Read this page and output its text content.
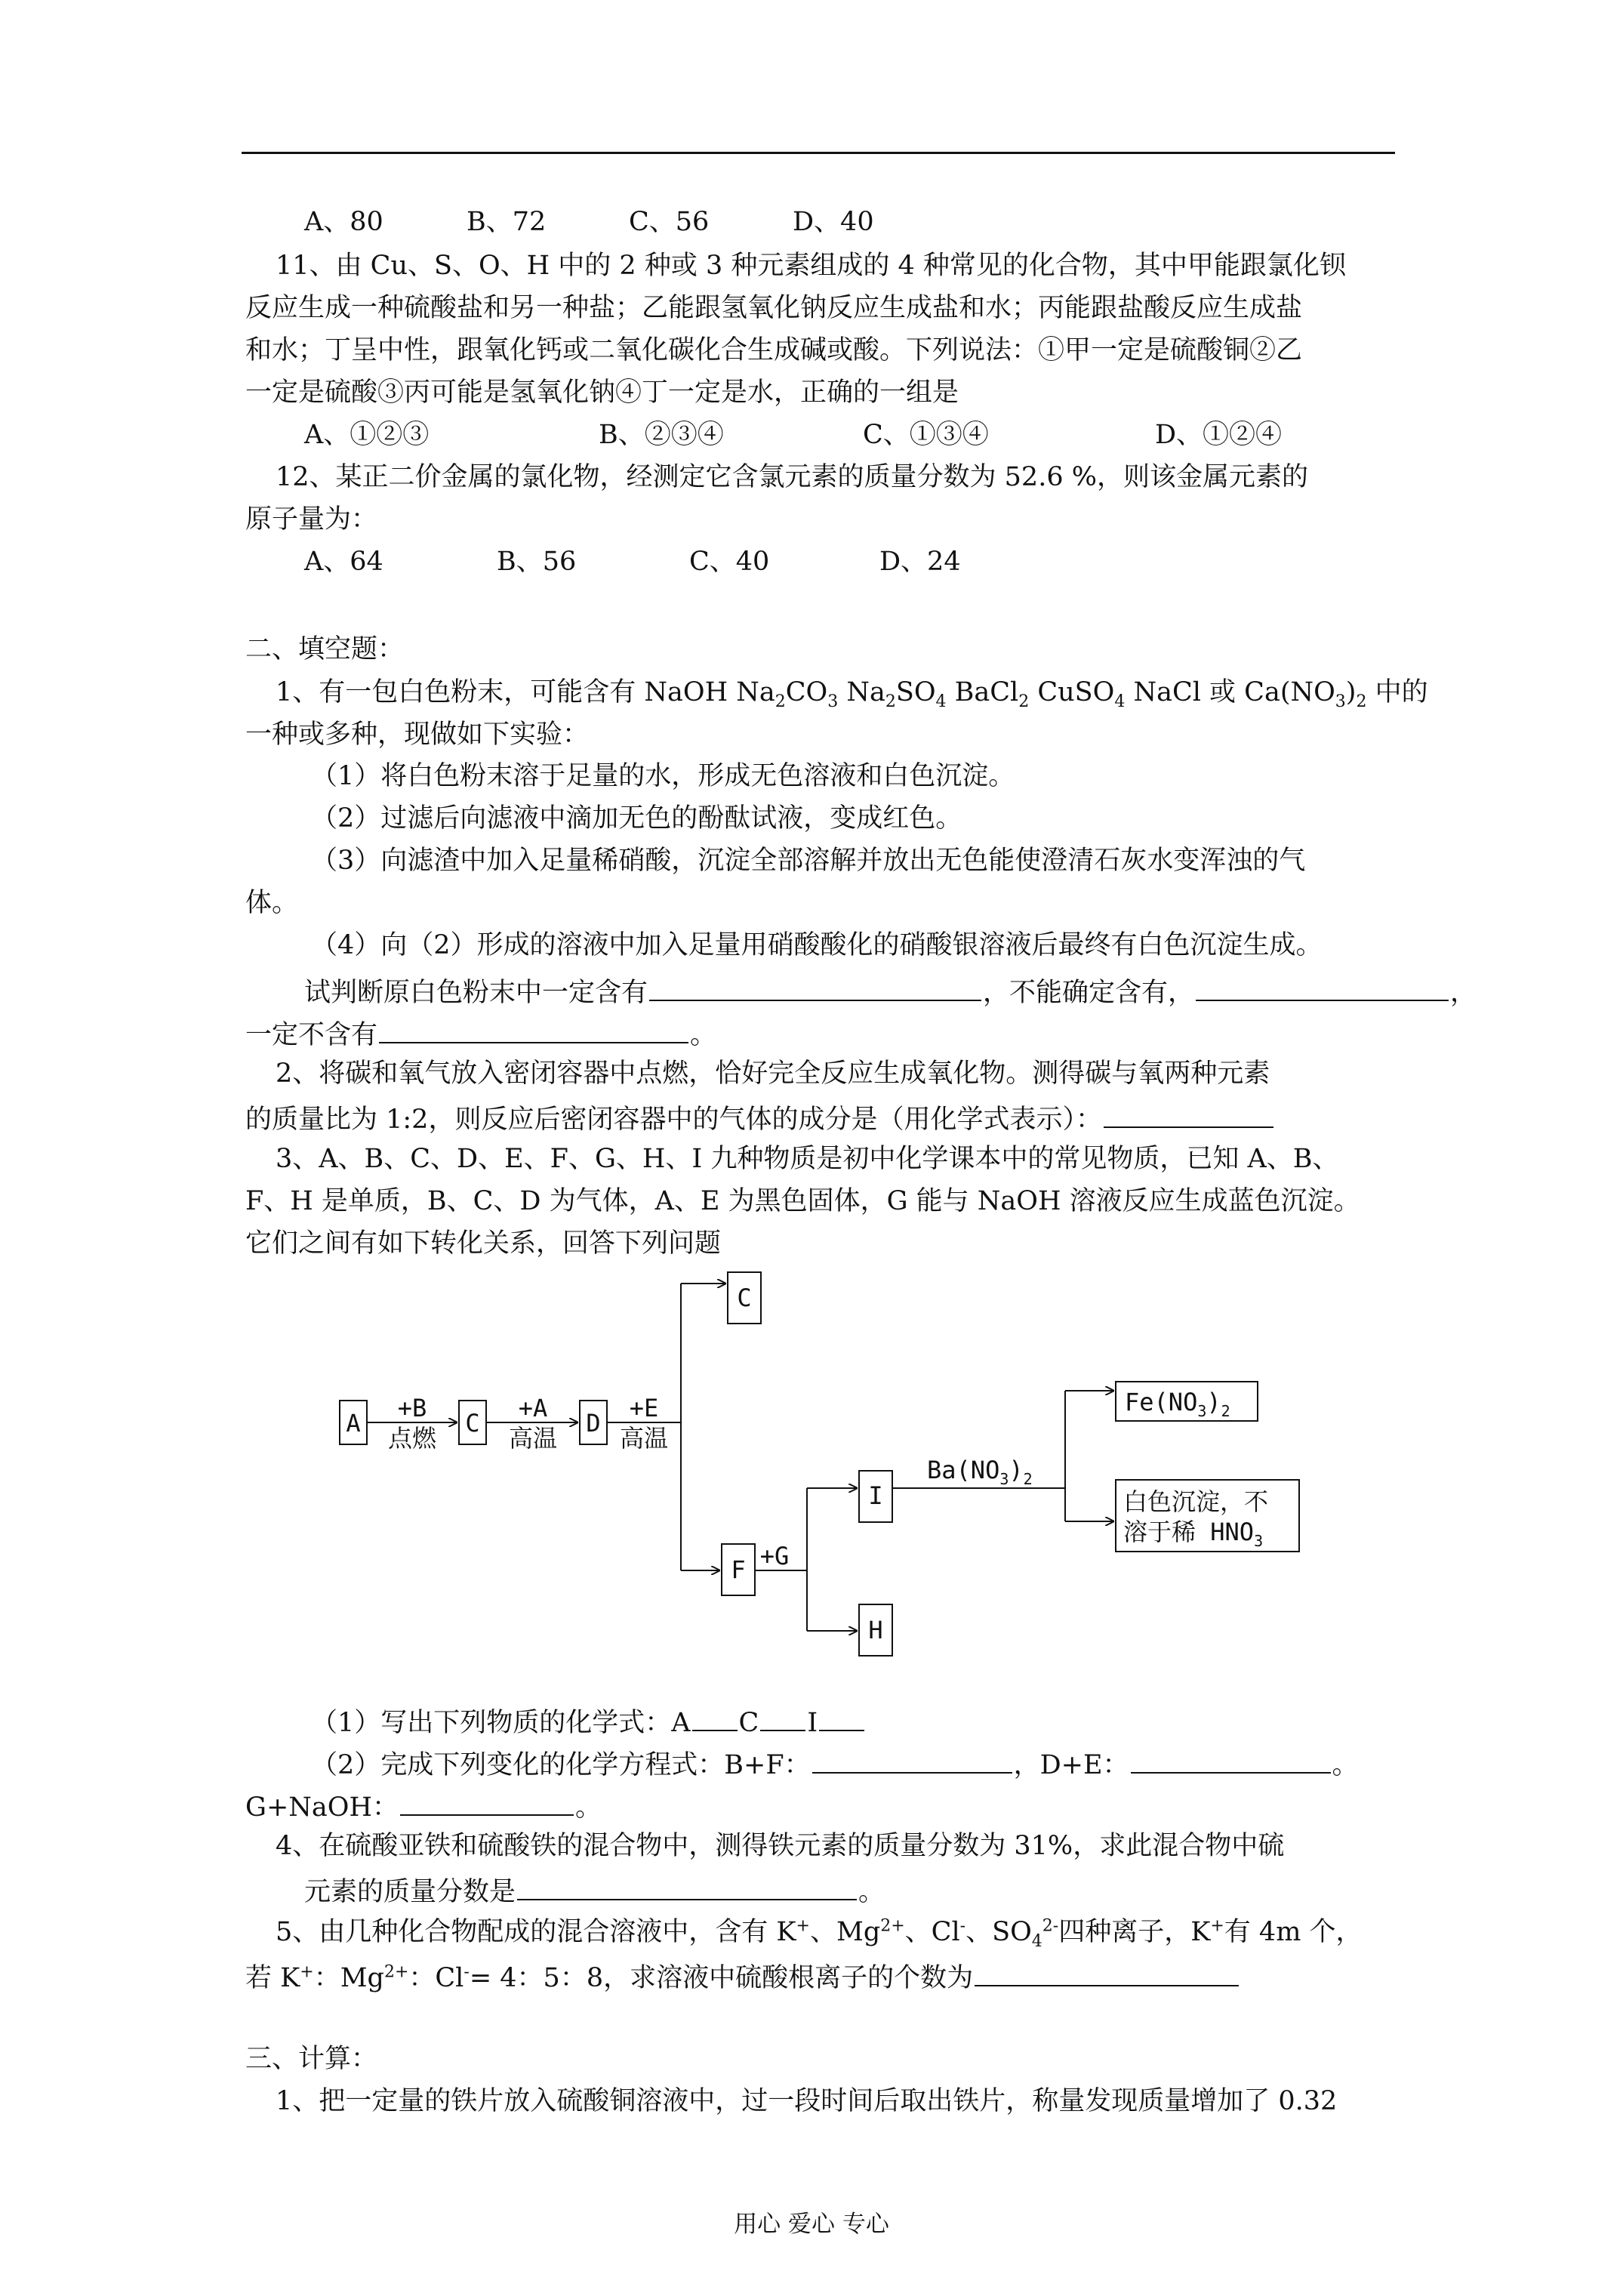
A、80	B、72	C、56	D、40
11、由 Cu、S、O、H 中的 2 种或 3 种元素组成的 4 种常见的化合物，其中甲能跟氯化钡
反应生成一种硫酸盐和另一种盐；乙能跟氢氧化钠反应生成盐和水；丙能跟盐酸反应生成盐
和水；丁呈中性，跟氧化钙或二氧化碳化合生成碱或酸。下列说法：①甲一定是硫酸铜②乙
一定是硫酸③丙可能是氢氧化钠④丁一定是水，正确的一组是
A、①②③	B、②③④	C、①③④	D、①②④
12、某正二价金属的氯化物，经测定它含氯元素的质量分数为 52.6 %，则该金属元素的
原子量为：
A、64	B、56	C、40	D、24
二、填空题：
1、有一包白色粉末，可能含有 NaOH $Na_2CO_3$ $Na_2SO_4$ BaCl$_2$ CuSO$_4$ NaCl 或 $Ca(NO_3)_2$ 中的
一种或多种，现做如下实验：
（1）将白色粉末溶于足量的水，形成无色溶液和白色沉淀。
（2）过滤后向滤液中滴加无色的酚酞试液，变成红色。
（3）向滤渣中加入足量稀硝酸，沉淀全部溶解并放出无色能使澄清石灰水变浑浊的气
体。
（4）向（2）形成的溶液中加入足量用硝酸酸化的硝酸银溶液后最终有白色沉淀生成。
试判断原白色粉末中一定含有	，不能确定含有，	，
一定不含有	。
2、将碳和氧气放入密闭容器中点燃，恰好完全反应生成氧化物。测得碳与氧两种元素
的质量比为 1:2，则反应后密闭容器中的气体的成分是（用化学式表示）：
3、A、B、C、D、E、F、G、H、I 九种物质是初中化学课本中的常见物质，已知 A、B、
F、H 是单质，B、C、D 为气体，A、E 为黑色固体，G 能与 NaOH 溶液反应生成蓝色沉淀。
它们之间有如下转化关系，回答下列问题
A	C	D
C
F
I
H
+B
点燃
+A
高温
+E
高温
+G
$Ba(NO_3)_2$
$Fe(NO_3)_2$
白色沉淀，不
溶于稀 $HNO_3$
（1）写出下列物质的化学式：A C I
（2）完成下列变化的化学方程式：B+F：	，D+E：	。
G+NaOH：	。
4、在硫酸亚铁和硫酸铁的混合物中，测得铁元素的质量分数为 31%，求此混合物中硫
元素的质量分数是	。
5、由几种化合物配成的混合溶液中，含有 K+、$Mg^{2+}$、Cl-、$SO_4^{2-}$四种离子，K+有 4m 个，
若 K+：$Mg^{2+}$：Cl-= 4：5：8，求溶液中硫酸根离子的个数为
三、计算：
1、把一定量的铁片放入硫酸铜溶液中，过一段时间后取出铁片，称量发现质量增加了 0.32
用心 爱心 专心
